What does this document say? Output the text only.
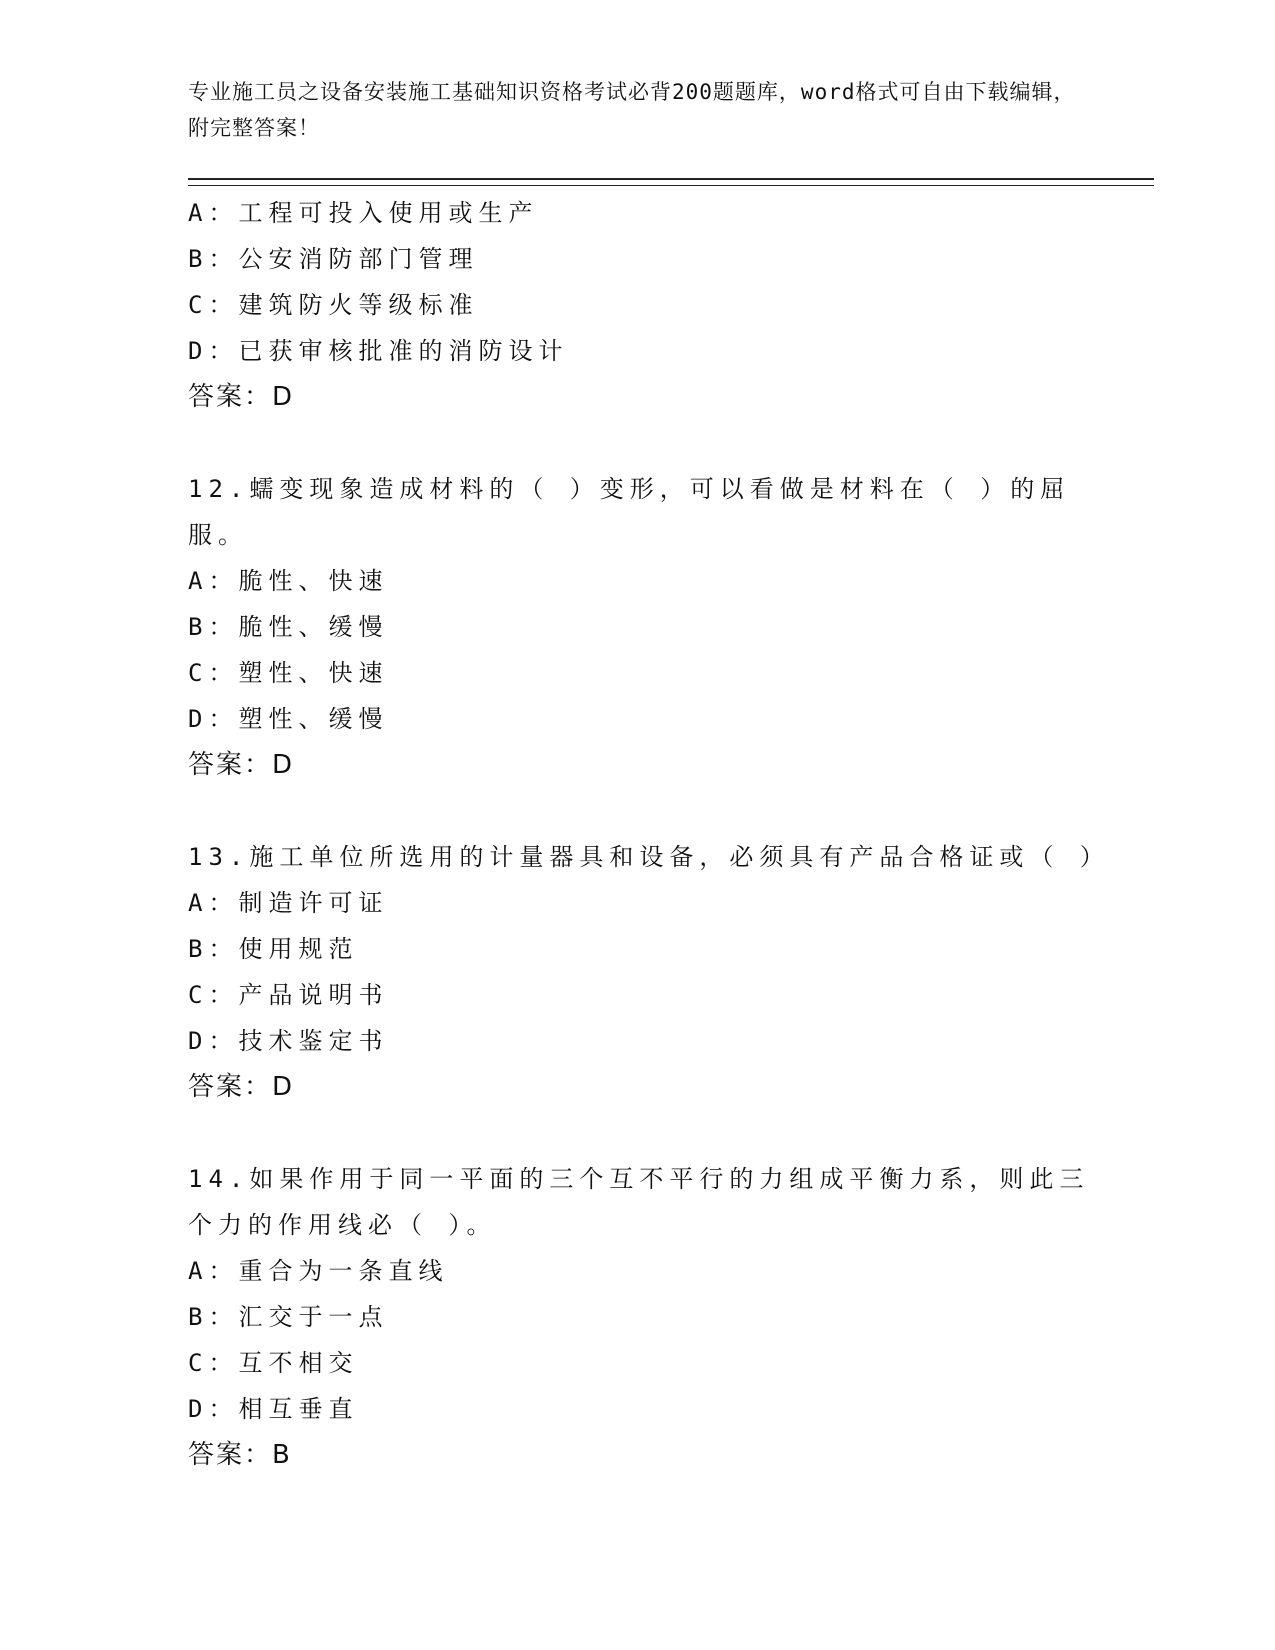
专业施工员之设备安装施工基础知识资格考试必背200题题库，word格式可自由下载编辑，附完整答案！
A：工程可投入使用或生产
B：公安消防部门管理
C：建筑防火等级标准
D：已获审核批准的消防设计
答案：D
12.蠕变现象造成材料的（ ）变形，可以看做是材料在（ ）的屈服。
A：脆性、快速
B：脆性、缓慢
C：塑性、快速
D：塑性、缓慢
答案：D
13.施工单位所选用的计量器具和设备，必须具有产品合格证或（ ）
A：制造许可证
B：使用规范
C：产品说明书
D：技术鉴定书
答案：D
14.如果作用于同一平面的三个互不平行的力组成平衡力系，则此三个力的作用线必（ ）。
A：重合为一条直线
B：汇交于一点
C：互不相交
D：相互垂直
答案：B
